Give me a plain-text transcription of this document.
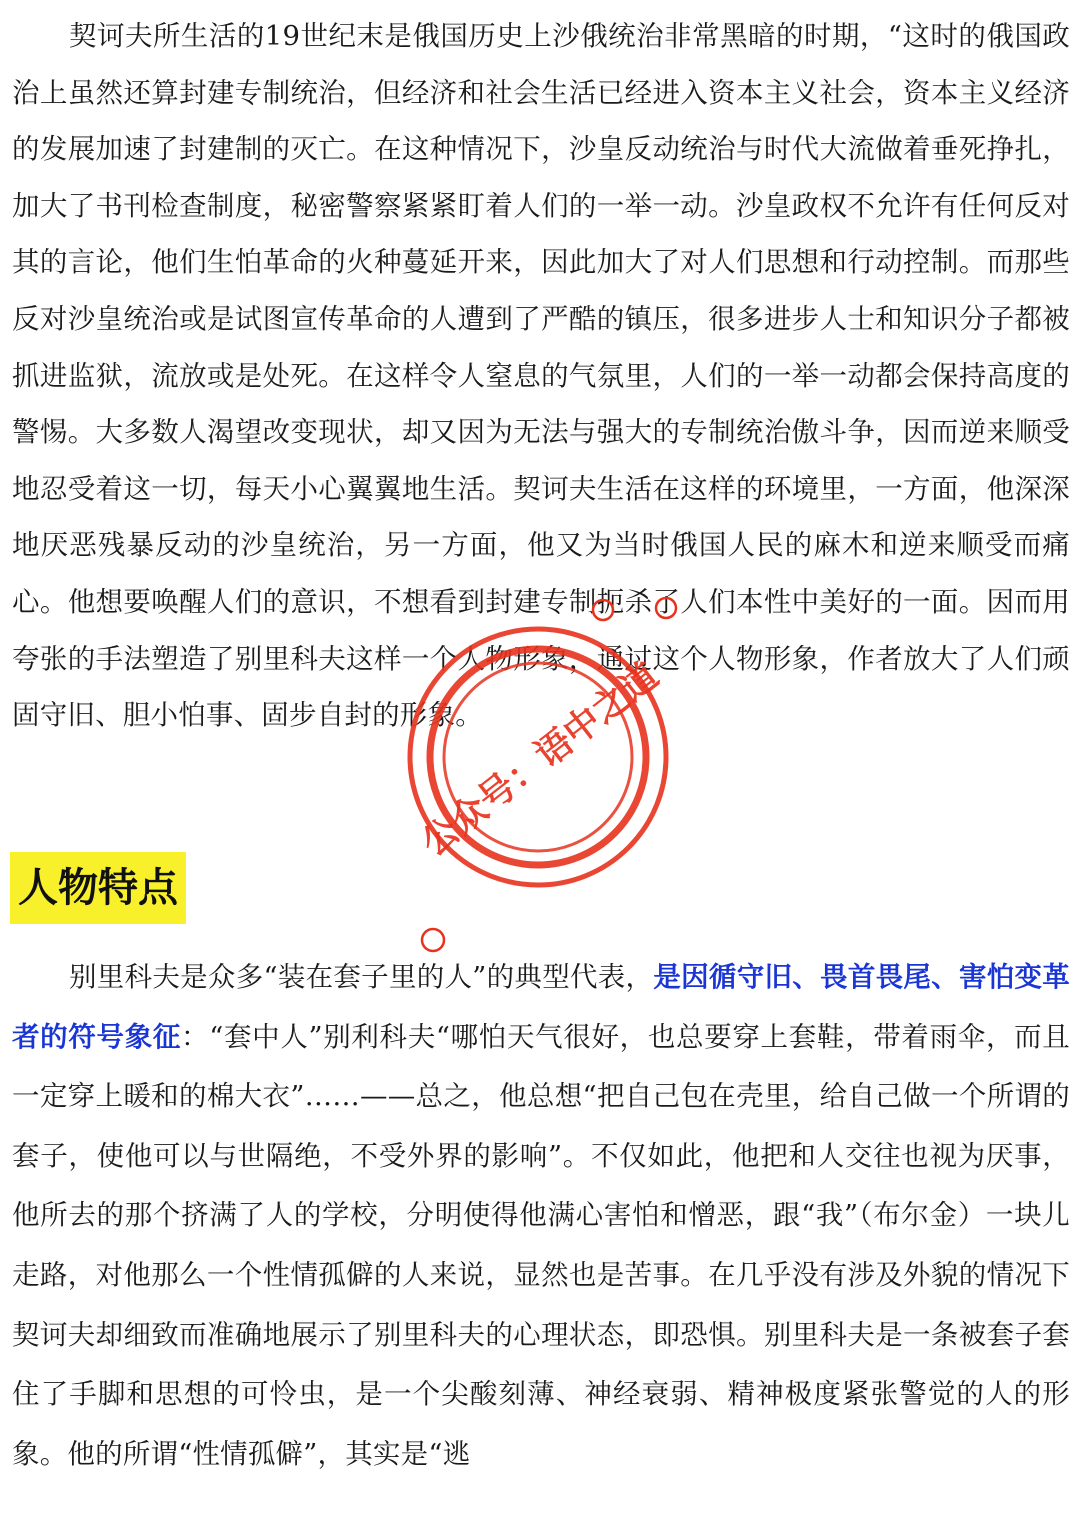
契诃夫所生活的19世纪末是俄国历史上沙俄统治非常黑暗的时期，“这时的俄国政治上虽然还算封建专制统治，但经济和社会生活已经进入资本主义社会，资本主义经济的发展加速了封建制的灭亡。在这种情况下，沙皇反动统治与时代大流做着垂死挣扎，加大了书刊检查制度，秘密警察紧紧盯着人们的一举一动。沙皇政权不允许有任何反对其的言论，他们生怕革命的火种蔓延开来，因此加大了对人们思想和行动控制。而那些反对沙皇统治或是试图宣传革命的人遭到了严酷的镇压，很多进步人士和知识分子都被抓进监狱，流放或是处死。在这样令人窒息的气氛里，人们的一举一动都会保持高度的警惕。大多数人渴望改变现状，却又因为无法与强大的专制统治傲斗争，因而逆来顺受地忍受着这一切，每天小心翼翼地生活。契诃夫生活在这样的环境里，一方面，他深深地厌恶残暴反动的沙皇统治，另一方面，他又为当时俄国人民的麻木和逆来顺受而痛心。他想要唤醒人们的意识，不想看到封建专制扼杀了人们本性中美好的一面。因而用夸张的手法塑造了别里科夫这样一个人物形象，通过这个人物形象，作者放大了人们顽固守旧、胆小怕事、固步自封的形象。

人物特点

别里科夫是众多“装在套子里的人”的典型代表，是因循守旧、畏首畏尾、害怕变革者的符号象征：“套中人”别利科夫“哪怕天气很好，也总要穿上套鞋，带着雨伞，而且一定穿上暖和的棉大衣”……——总之，他总想“把自己包在壳里，给自己做一个所谓的套子，使他可以与世隔绝，不受外界的影响”。不仅如此，他把和人交往也视为厌事，他所去的那个挤满了人的学校，分明使得他满心害怕和憎恶，跟“我”（布尔金）一块儿走路，对他那么一个性情孤僻的人来说，显然也是苦事。在几乎没有涉及外貌的情况下契诃夫却细致而准确地展示了别里科夫的心理状态，即恐惧。别里科夫是一条被套子套住了手脚和思想的可怜虫，是一个尖酸刻薄、神经衰弱、精神极度紧张警觉的人的形象。他的所谓“性情孤僻”，其实是“逃

公众号：语中之道
